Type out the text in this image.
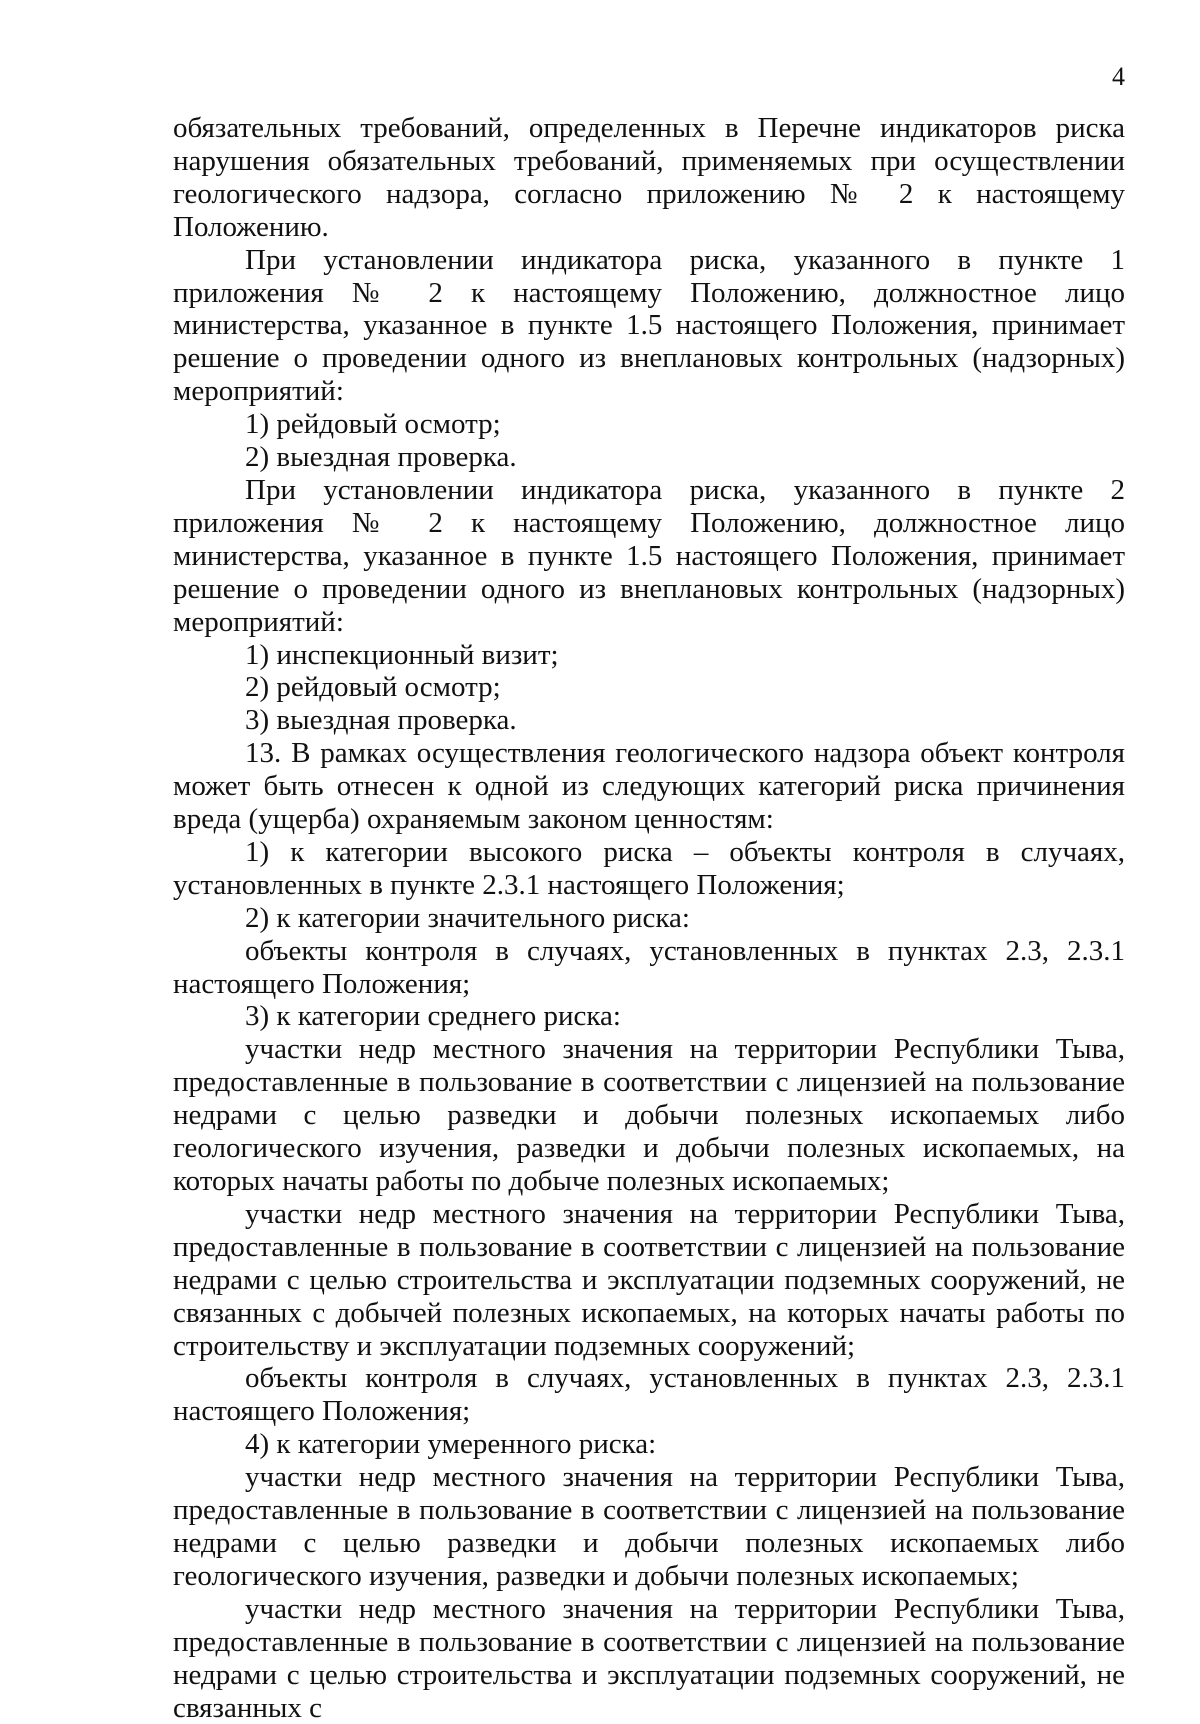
4

обязательных требований, определенных в Перечне индикаторов риска нарушения обязательных требований, применяемых при осуществлении геологического надзора, согласно приложению № 2 к настоящему Положению.

При установлении индикатора риска, указанного в пункте 1 приложения № 2 к настоящему Положению, должностное лицо министерства, указанное в пункте 1.5 настоящего Положения, принимает решение о проведении одного из внеплановых контрольных (надзорных) мероприятий:

1) рейдовый осмотр;

2) выездная проверка.

При установлении индикатора риска, указанного в пункте 2 приложения № 2 к настоящему Положению, должностное лицо министерства, указанное в пункте 1.5 настоящего Положения, принимает решение о проведении одного из внеплановых контрольных (надзорных) мероприятий:

1) инспекционный визит;

2) рейдовый осмотр;

3) выездная проверка.

13. В рамках осуществления геологического надзора объект контроля может быть отнесен к одной из следующих категорий риска причинения вреда (ущерба) охраняемым законом ценностям:

1) к категории высокого риска – объекты контроля в случаях, установленных в пункте 2.3.1 настоящего Положения;

2) к категории значительного риска:

объекты контроля в случаях, установленных в пунктах 2.3, 2.3.1 настоящего Положения;

3) к категории среднего риска:

участки недр местного значения на территории Республики Тыва, предоставленные в пользование в соответствии с лицензией на пользование недрами с целью разведки и добычи полезных ископаемых либо геологического изучения, разведки и добычи полезных ископаемых, на которых начаты работы по добыче полезных ископаемых;

участки недр местного значения на территории Республики Тыва, предоставленные в пользование в соответствии с лицензией на пользование недрами с целью строительства и эксплуатации подземных сооружений, не связанных с добычей полезных ископаемых, на которых начаты работы по строительству и эксплуатации подземных сооружений;

объекты контроля в случаях, установленных в пунктах 2.3, 2.3.1 настоящего Положения;

4) к категории умеренного риска:

участки недр местного значения на территории Республики Тыва, предоставленные в пользование в соответствии с лицензией на пользование недрами с целью разведки и добычи полезных ископаемых либо геологического изучения, разведки и добычи полезных ископаемых;

участки недр местного значения на территории Республики Тыва, предоставленные в пользование в соответствии с лицензией на пользование недрами с целью строительства и эксплуатации подземных сооружений, не связанных с
